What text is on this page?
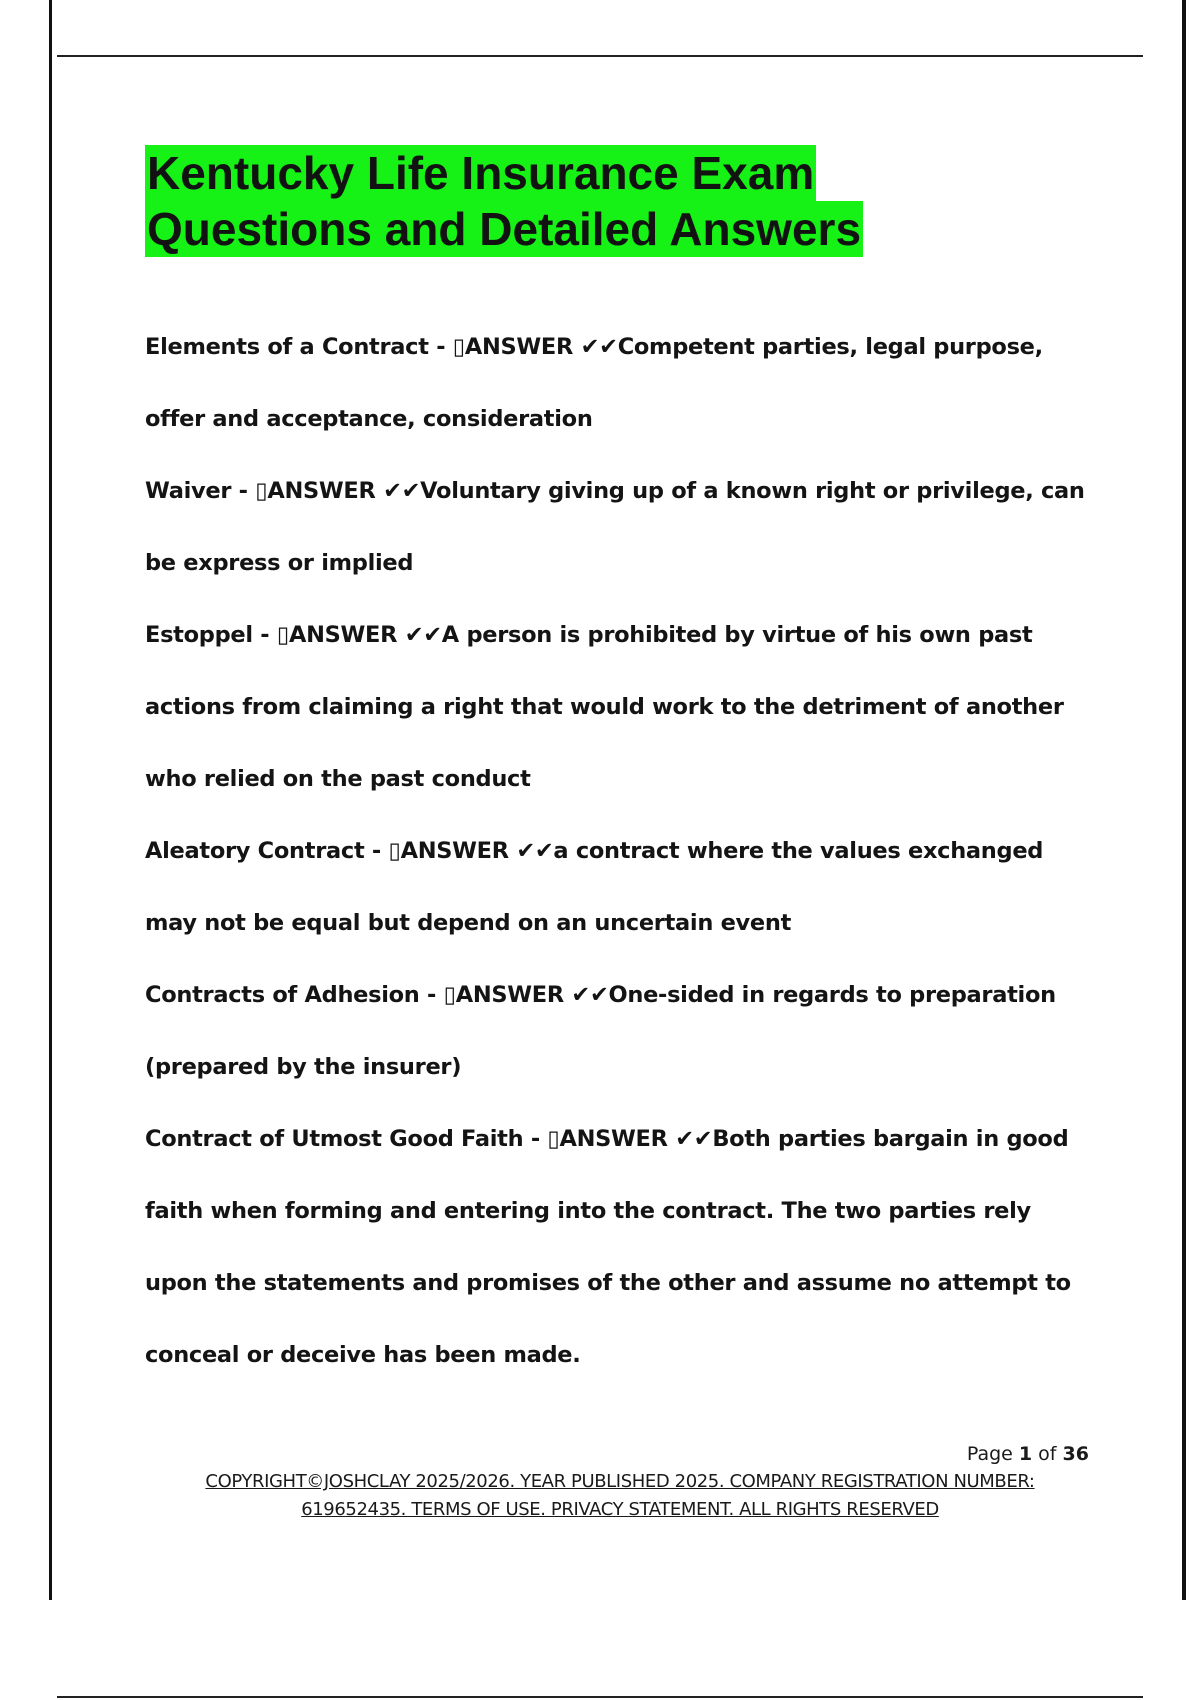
Kentucky Life Insurance Exam
Questions and Detailed Answers

Elements of a Contract - ▯ANSWER ✔✔Competent parties, legal purpose, offer and acceptance, consideration

Waiver - ▯ANSWER ✔✔Voluntary giving up of a known right or privilege, can be express or implied

Estoppel - ▯ANSWER ✔✔A person is prohibited by virtue of his own past actions from claiming a right that would work to the detriment of another who relied on the past conduct

Aleatory Contract - ▯ANSWER ✔✔a contract where the values exchanged may not be equal but depend on an uncertain event

Contracts of Adhesion - ▯ANSWER ✔✔One-sided in regards to preparation (prepared by the insurer)

Contract of Utmost Good Faith - ▯ANSWER ✔✔Both parties bargain in good faith when forming and entering into the contract. The two parties rely upon the statements and promises of the other and assume no attempt to conceal or deceive has been made.

Page 1 of 36
COPYRIGHT©JOSHCLAY 2025/2026. YEAR PUBLISHED 2025. COMPANY REGISTRATION NUMBER:
619652435. TERMS OF USE. PRIVACY STATEMENT. ALL RIGHTS RESERVED
